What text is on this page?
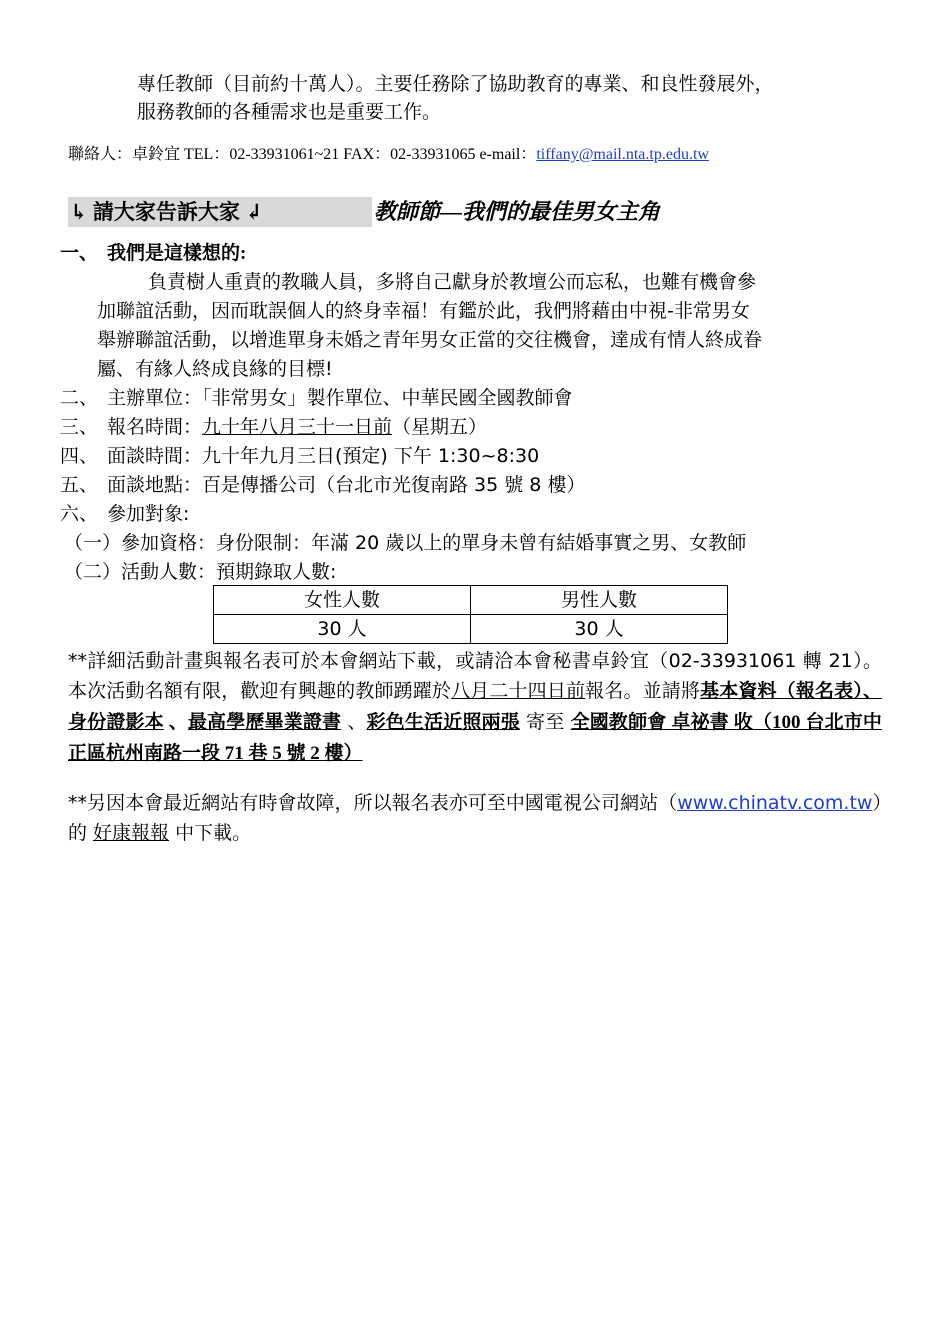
專任教師（目前約十萬人）。主要任務除了協助教育的專業、和良性發展外，
服務教師的各種需求也是重要工作。
聯絡人：卓鈴宜 TEL：02-33931061~21 FAX：02-33931065 e-mail：tiffany@mail.nta.tp.edu.tw
↳ 請大家告訴大家 ↲	教師節—我們的最佳男女主角
一、 我們是這樣想的:
負責樹人重責的教職人員，多將自己獻身於教壇公而忘私，也難有機會參
加聯誼活動，因而耽誤個人的終身幸福！有鑑於此，我們將藉由中視-非常男女
舉辦聯誼活動，以增進單身未婚之青年男女正當的交往機會，達成有情人終成眷
屬、有緣人終成良緣的目標!
二、 主辦單位：「非常男女」製作單位、中華民國全國教師會
三、 報名時間：九十年八月三十一日前（星期五）
四、 面談時間：九十年九月三日(預定) 下午 1:30~8:30
五、 面談地點：百是傳播公司（台北市光復南路 35 號 8 樓）
六、 參加對象:
（一）參加資格：身份限制：年滿 20 歲以上的單身未曾有結婚事實之男、女教師
（二）活動人數：預期錄取人數:
女性人數	男性人數
30 人	30 人
**詳細活動計畫與報名表可於本會網站下載，或請洽本會秘書卓鈴宜（02-33931061 轉 21）。本次活動名額有限，歡迎有興趣的教師踴躍於八月二十四日前報名。並請將基本資料（報名表）、身份證影本 、最高學歷畢業證書 、彩色生活近照兩張 寄至 全國教師會 卓祕書 收（100 台北市中正區杭州南路一段 71 巷 5 號 2 樓）
**另因本會最近網站有時會故障，所以報名表亦可至中國電視公司網站（www.chinatv.com.tw）的 好康報報 中下載。
